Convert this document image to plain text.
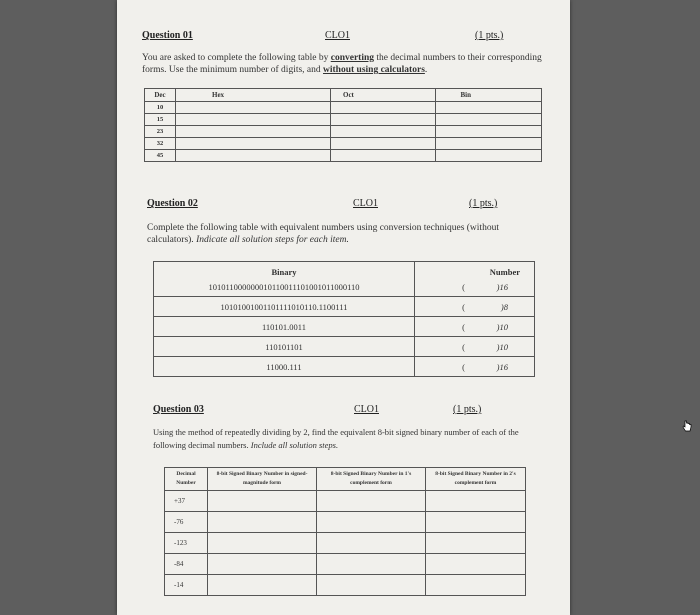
Question 01	CLO1	(1 pts.)
You are asked to complete the following table by converting the decimal numbers to their corresponding forms. Use the minimum number of digits, and without using calculators.
Dec	Hex	Oct	Bin
10			
15			
23			
32			
45			
Question 02	CLO1	(1 pts.)
Complete the following table with equivalent numbers using conversion techniques (without calculators). Indicate all solution steps for each item.
Binary	Number	
10101100000001011001110100101100​0110	(	)16
10101001001101111010110.1100111	(	)8
110101.0011	(	)10
110101101	(	)10
11000.111	(	)16
Question 03	CLO1	(1 pts.)
Using the method of repeatedly dividing by 2, find the equivalent 8-bit signed binary number of each of the following decimal numbers. Include all solution steps.
Decimal Number	8-bit Signed Binary Number in signed-magnitude form	8-bit Signed Binary Number in 1's complement form	8-bit Signed Binary Number in 2's complement form
+37			
-76			
-123			
-84			
-14			
